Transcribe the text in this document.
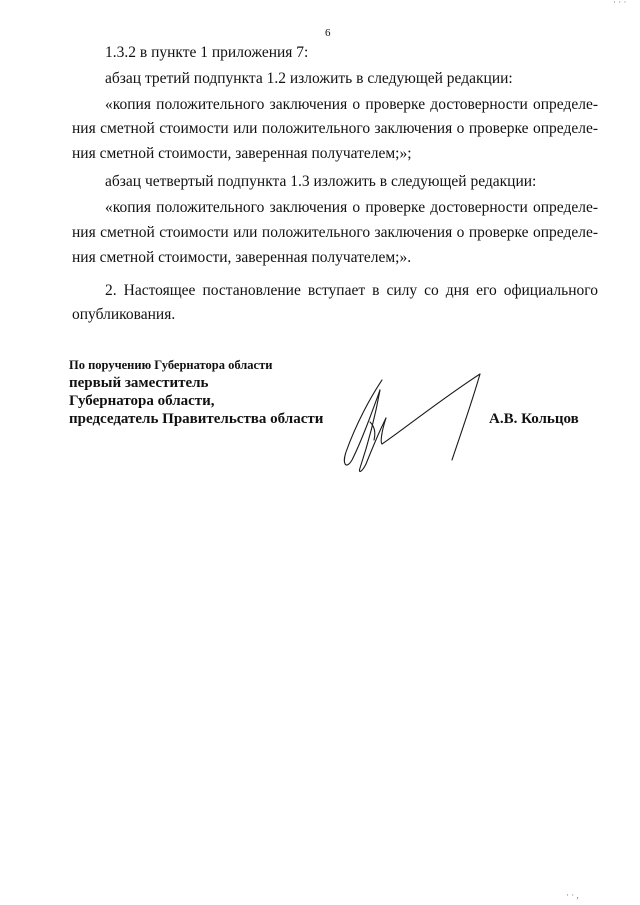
6
1.3.2 в пункте 1 приложения 7:
абзац третий подпункта 1.2 изложить в следующей редакции:
«копия положительного заключения о проверке достоверности определе-
ния сметной стоимости или положительного заключения о проверке определе-
ния сметной стоимости, заверенная получателем;»;
абзац четвертый подпункта 1.3 изложить в следующей редакции:
«копия положительного заключения о проверке достоверности определе-
ния сметной стоимости или положительного заключения о проверке определе-
ния сметной стоимости, заверенная получателем;».
2. Настоящее постановление вступает в силу со дня его официального
опубликования.
По поручению Губернатора области
первый заместитель
Губернатора области,
председатель Правительства области	А.В. Кольцов
· · ·
· · ,
